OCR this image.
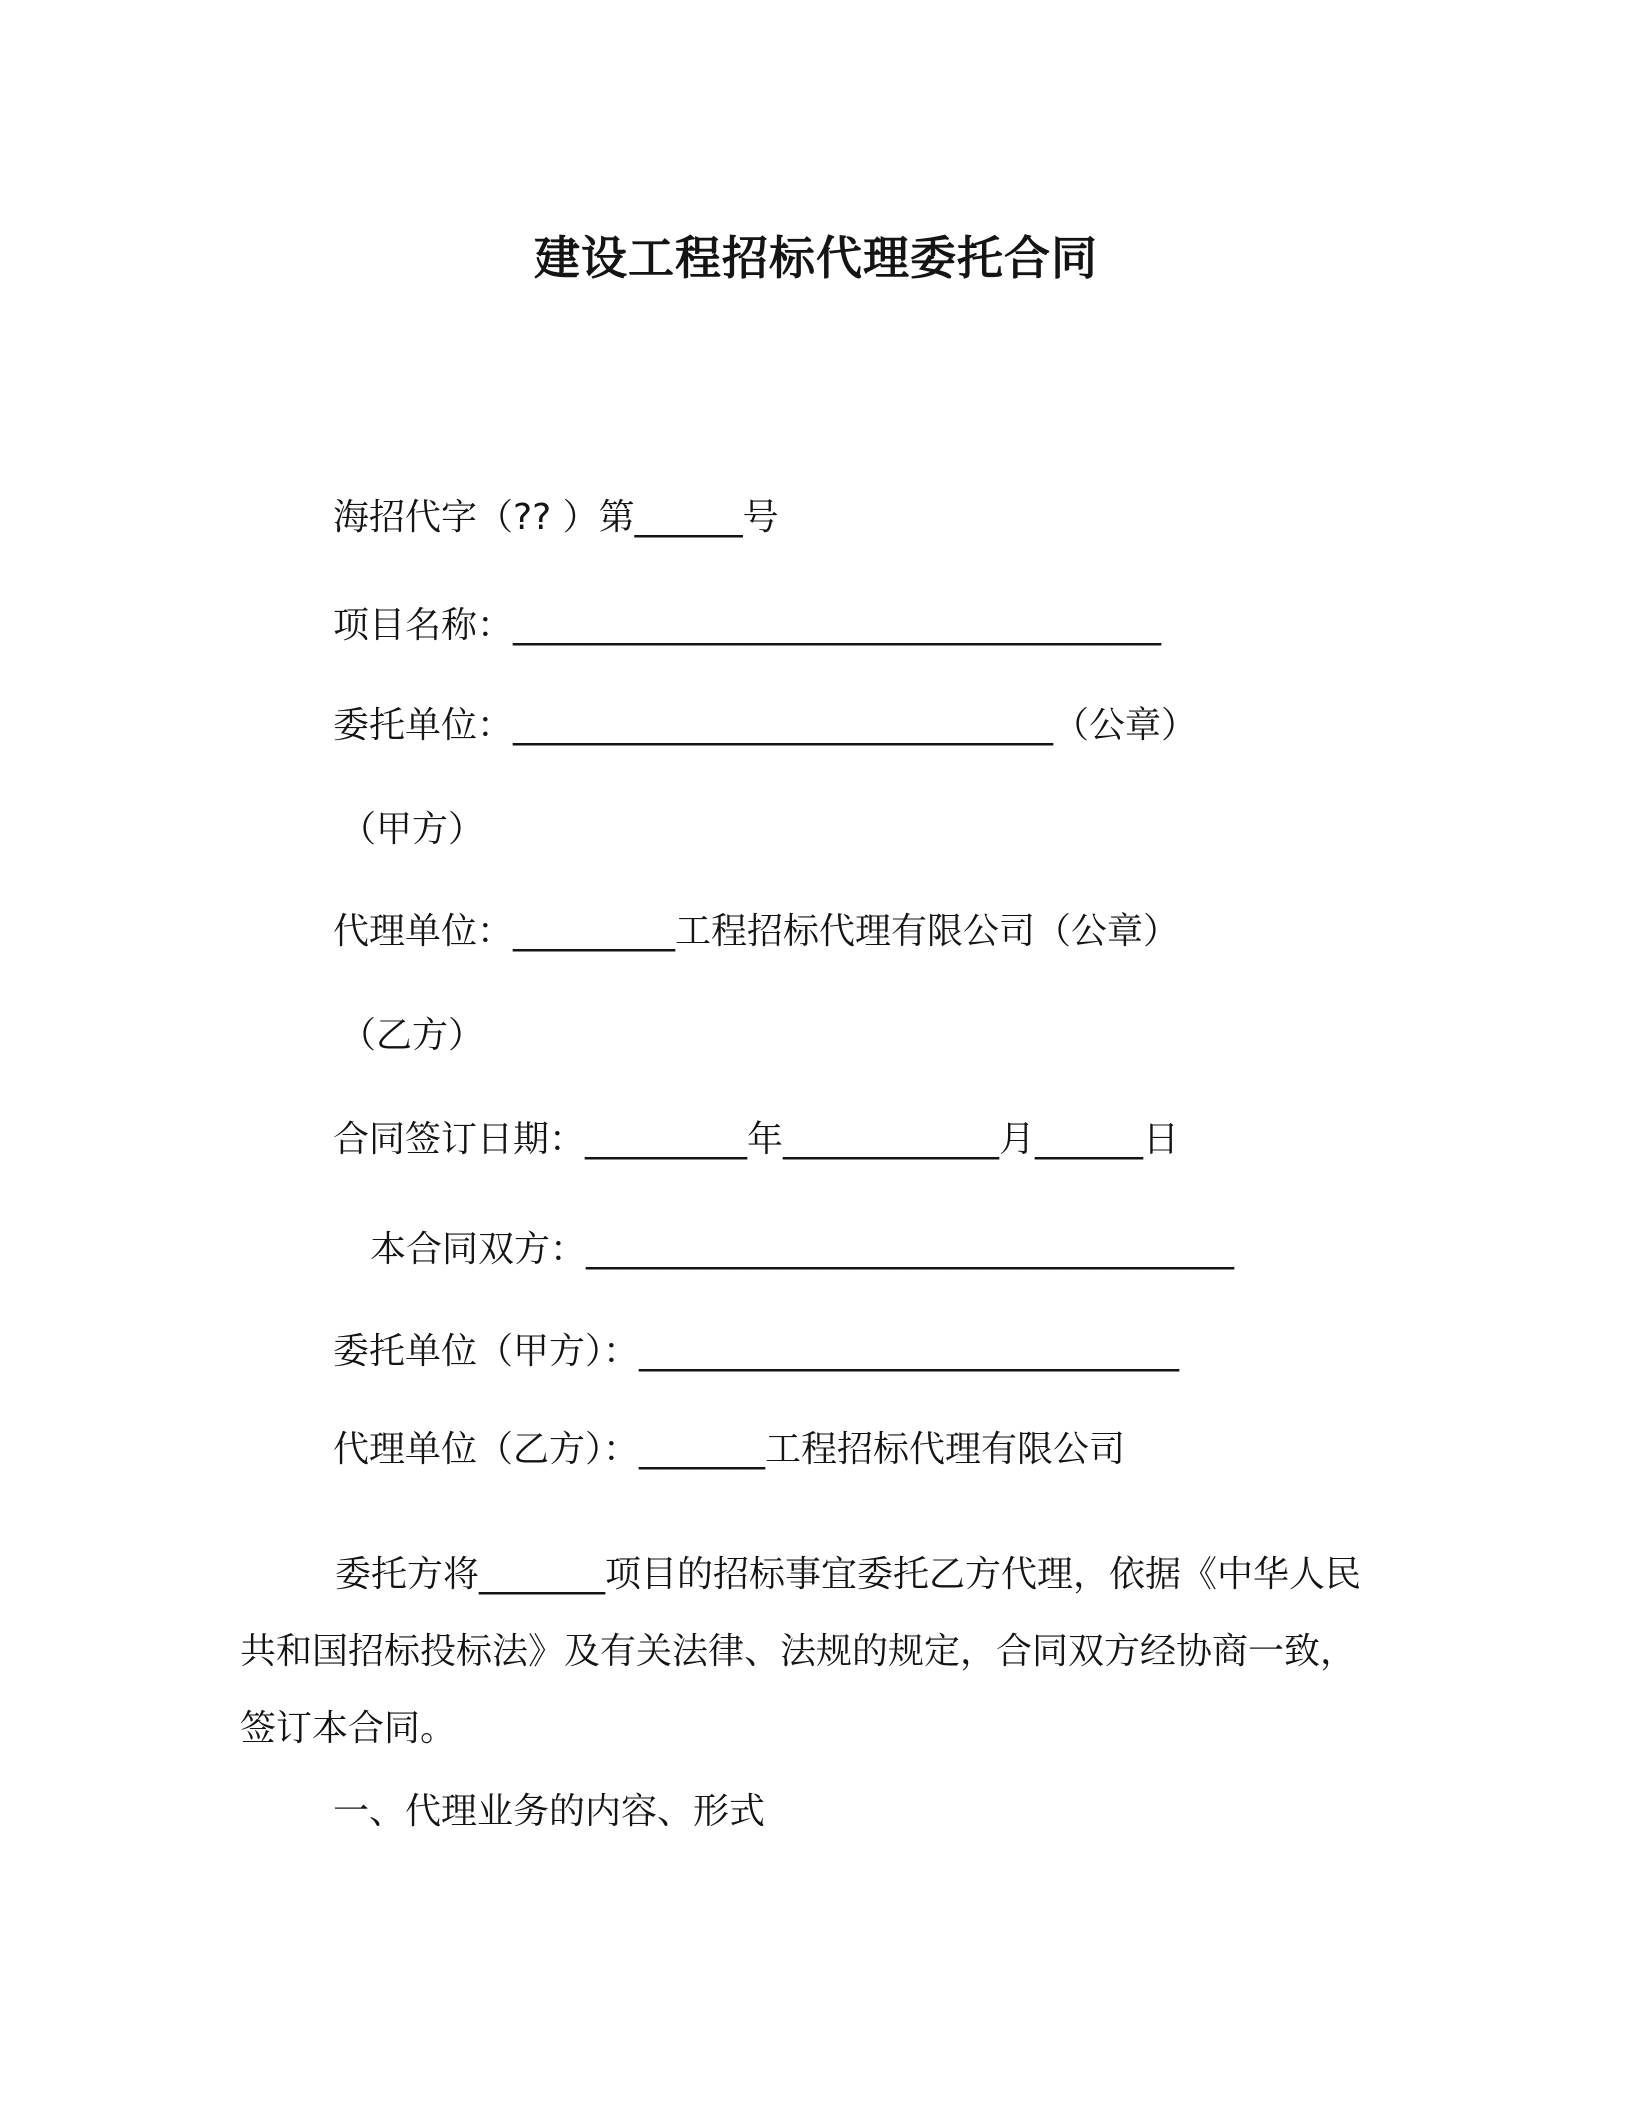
建设工程招标代理委托合同
海招代字（?? ）第______号
项目名称：____________________________________
委托单位：______________________________（公章）
（甲方）
代理单位：_________工程招标代理有限公司（公章）
（乙方）
合同签订日期：_________年____________月______日
本合同双方：____________________________________
委托单位（甲方）：______________________________
代理单位（乙方）：_______工程招标代理有限公司
委托方将_______项目的招标事宜委托乙方代理，依据《中华人民共和国招标投标法》及有关法律、法规的规定，合同双方经协商一致，签订本合同。
一、代理业务的内容、形式
